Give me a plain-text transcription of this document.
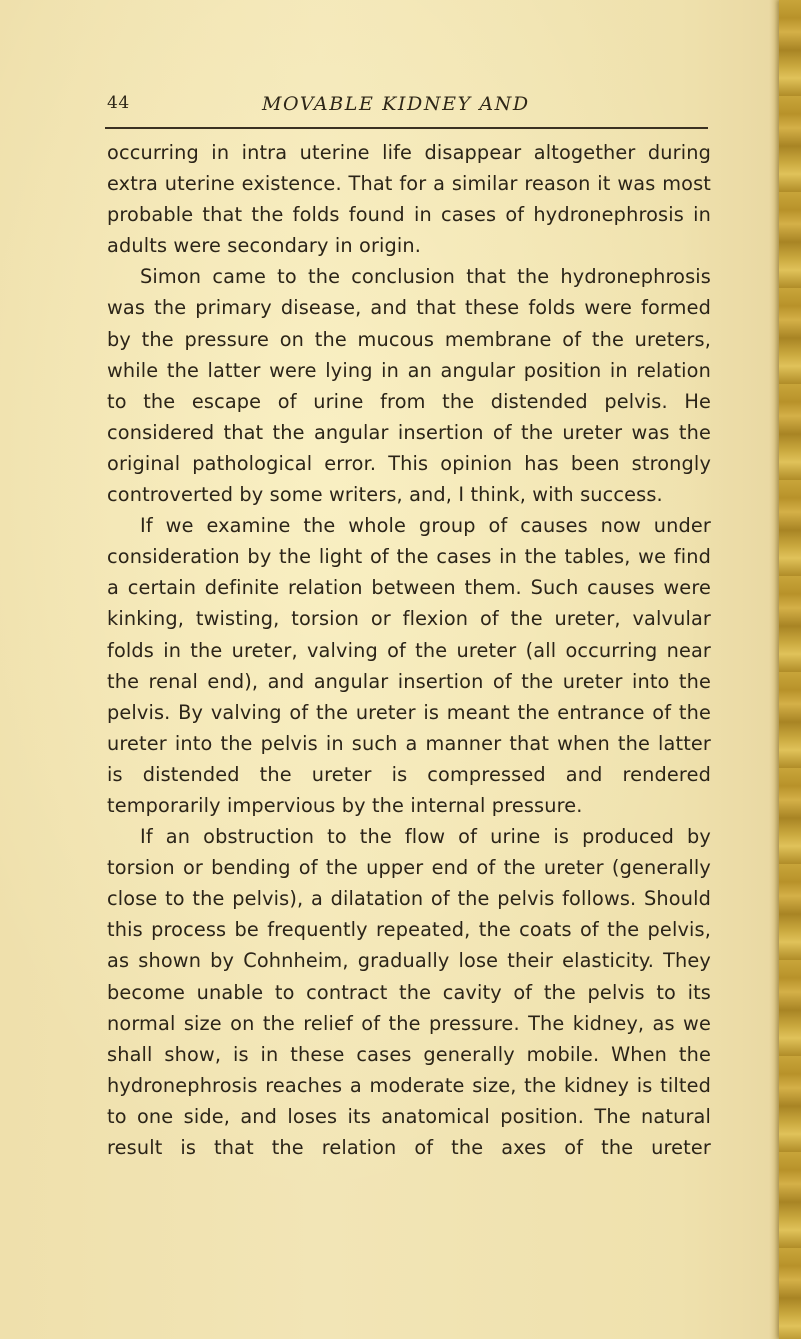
44	MOVABLE KIDNEY AND

occurring in intra uterine life disappear altogether during extra uterine existence. That for a similar reason it was most probable that the folds found in cases of hydronephrosis in adults were secondary in origin.

Simon came to the conclusion that the hydronephrosis was the primary disease, and that these folds were formed by the pressure on the mucous membrane of the ureters, while the latter were lying in an angular position in relation to the escape of urine from the distended pelvis. He considered that the angular insertion of the ureter was the original pathological error. This opinion has been strongly controverted by some writers, and, I think, with success.

If we examine the whole group of causes now under consideration by the light of the cases in the tables, we find a certain definite relation between them. Such causes were kinking, twisting, torsion or flexion of the ureter, valvular folds in the ureter, valving of the ureter (all occurring near the renal end), and angular insertion of the ureter into the pelvis. By valving of the ureter is meant the entrance of the ureter into the pelvis in such a manner that when the latter is distended the ureter is compressed and rendered temporarily impervious by the internal pressure.

If an obstruction to the flow of urine is produced by torsion or bending of the upper end of the ureter (generally close to the pelvis), a dilatation of the pelvis follows. Should this process be frequently repeated, the coats of the pelvis, as shown by Cohnheim, gradually lose their elasticity. They become unable to contract the cavity of the pelvis to its normal size on the relief of the pressure. The kidney, as we shall show, is in these cases generally mobile. When the hydronephrosis reaches a moderate size, the kidney is tilted to one side, and loses its anatomical position. The natural result is that the relation of the axes of the ureter
